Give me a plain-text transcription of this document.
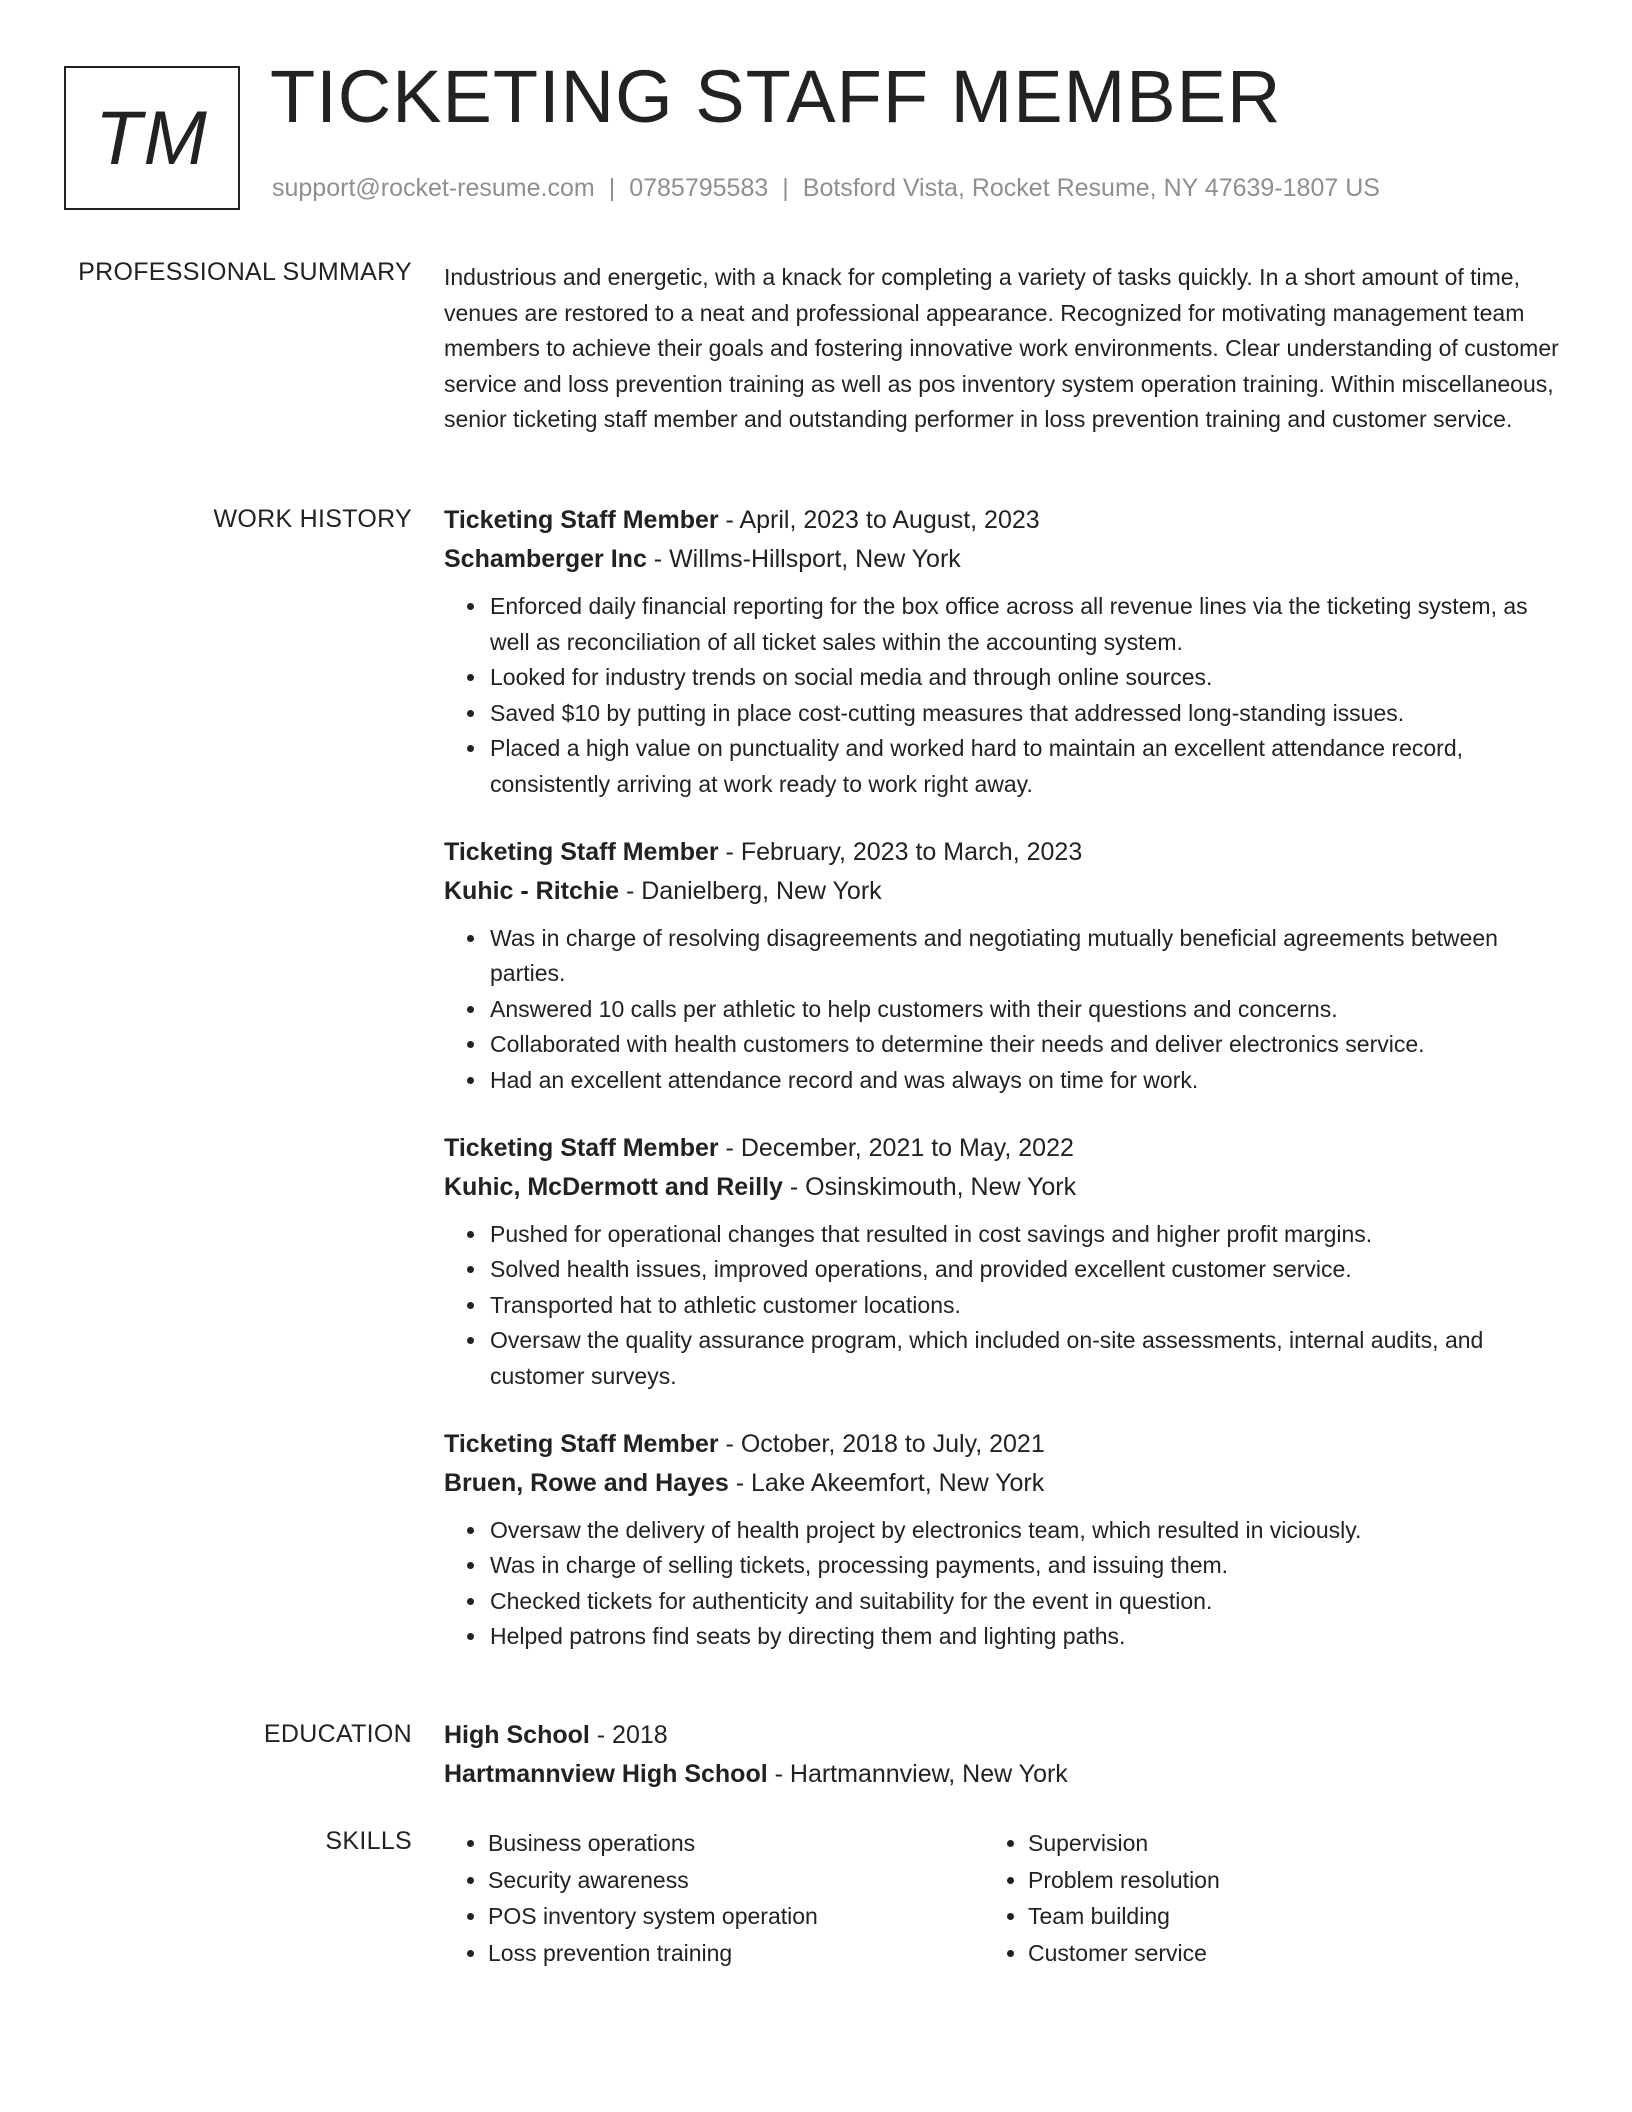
TM TICKETING STAFF MEMBER
support@rocket-resume.com | 0785795583 | Botsford Vista, Rocket Resume, NY 47639-1807 US
PROFESSIONAL SUMMARY Industrious and energetic, with a knack for completing a variety of tasks quickly. In a short amount of time, venues are restored to a neat and professional appearance. Recognized for motivating management team members to achieve their goals and fostering innovative work environments. Clear understanding of customer service and loss prevention training as well as pos inventory system operation training. Within miscellaneous, senior ticketing staff member and outstanding performer in loss prevention training and customer service.

WORK HISTORY Ticketing Staff Member - April, 2023 to August, 2023
Schamberger Inc - Willms-Hillsport, New York
• Enforced daily financial reporting for the box office across all revenue lines via the ticketing system, as well as reconciliation of all ticket sales within the accounting system.
• Looked for industry trends on social media and through online sources.
• Saved $10 by putting in place cost-cutting measures that addressed long-standing issues.
• Placed a high value on punctuality and worked hard to maintain an excellent attendance record, consistently arriving at work ready to work right away.
Ticketing Staff Member - February, 2023 to March, 2023
Kuhic - Ritchie - Danielberg, New York
• Was in charge of resolving disagreements and negotiating mutually beneficial agreements between parties.
• Answered 10 calls per athletic to help customers with their questions and concerns.
• Collaborated with health customers to determine their needs and deliver electronics service.
• Had an excellent attendance record and was always on time for work.
Ticketing Staff Member - December, 2021 to May, 2022
Kuhic, McDermott and Reilly - Osinskimouth, New York
• Pushed for operational changes that resulted in cost savings and higher profit margins.
• Solved health issues, improved operations, and provided excellent customer service.
• Transported hat to athletic customer locations.
• Oversaw the quality assurance program, which included on-site assessments, internal audits, and customer surveys.
Ticketing Staff Member - October, 2018 to July, 2021
Bruen, Rowe and Hayes - Lake Akeemfort, New York
• Oversaw the delivery of health project by electronics team, which resulted in viciously.
• Was in charge of selling tickets, processing payments, and issuing them.
• Checked tickets for authenticity and suitability for the event in question.
• Helped patrons find seats by directing them and lighting paths.
EDUCATION High School - 2018
Hartmannview High School - Hartmannview, New York
SKILLS
•	Business operations
• Security awareness
• POS inventory system operation
• Loss prevention training
• Supervision
• Problem resolution
• Team building
• Customer service
